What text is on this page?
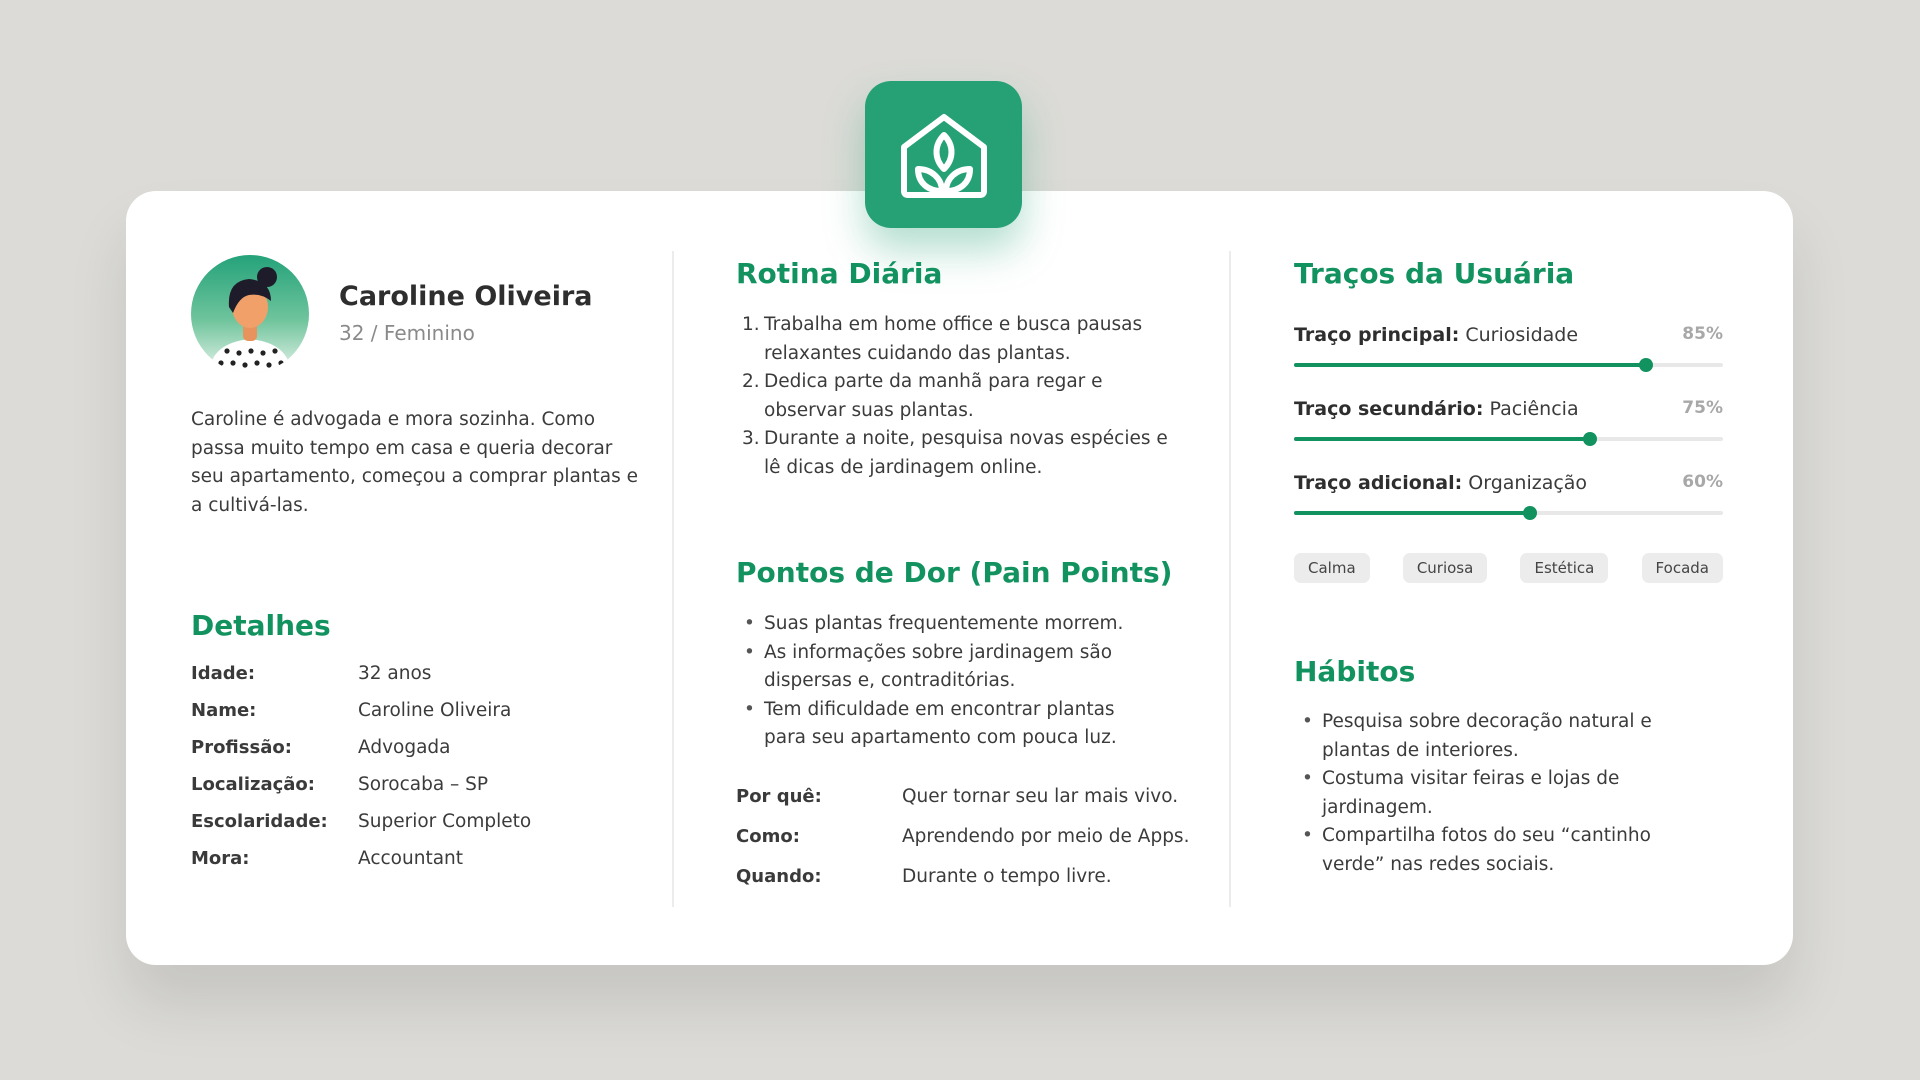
Caroline Oliveira
32 / Feminino

Caroline é advogada e mora sozinha. Como passa muito tempo em casa e queria decorar seu apartamento, começou a comprar plantas e a cultivá-las.

Detalhes
Idade:	32 anos
Name:	Caroline Oliveira
Profissão:	Advogada
Localização:	Sorocaba – SP
Escolaridade:	Superior Completo
Mora:	Accountant
Rotina Diária
1. Trabalha em home office e busca pausas relaxantes cuidando das plantas.
2. Dedica parte da manhã para regar e observar suas plantas.
3. Durante a noite, pesquisa novas espécies e lê dicas de jardinagem online.
Pontos de Dor (Pain Points)
• Suas plantas frequentemente morrem.
• As informações sobre jardinagem são dispersas e, contraditórias.
• Tem dificuldade em encontrar plantas para seu apartamento com pouca luz.
Por quê:	Quer tornar seu lar mais vivo.
Como:	Aprendendo por meio de Apps.
Quando:	Durante o tempo livre.
Traços da Usuária
Traço principal: Curiosidade	85%
Traço secundário: Paciência	75%
Traço adicional: Organização	60%
Calma	Curiosa	Estética	Focada
Hábitos
• Pesquisa sobre decoração natural e plantas de interiores.
• Costuma visitar feiras e lojas de jardinagem.
• Compartilha fotos do seu “cantinho verde” nas redes sociais.
